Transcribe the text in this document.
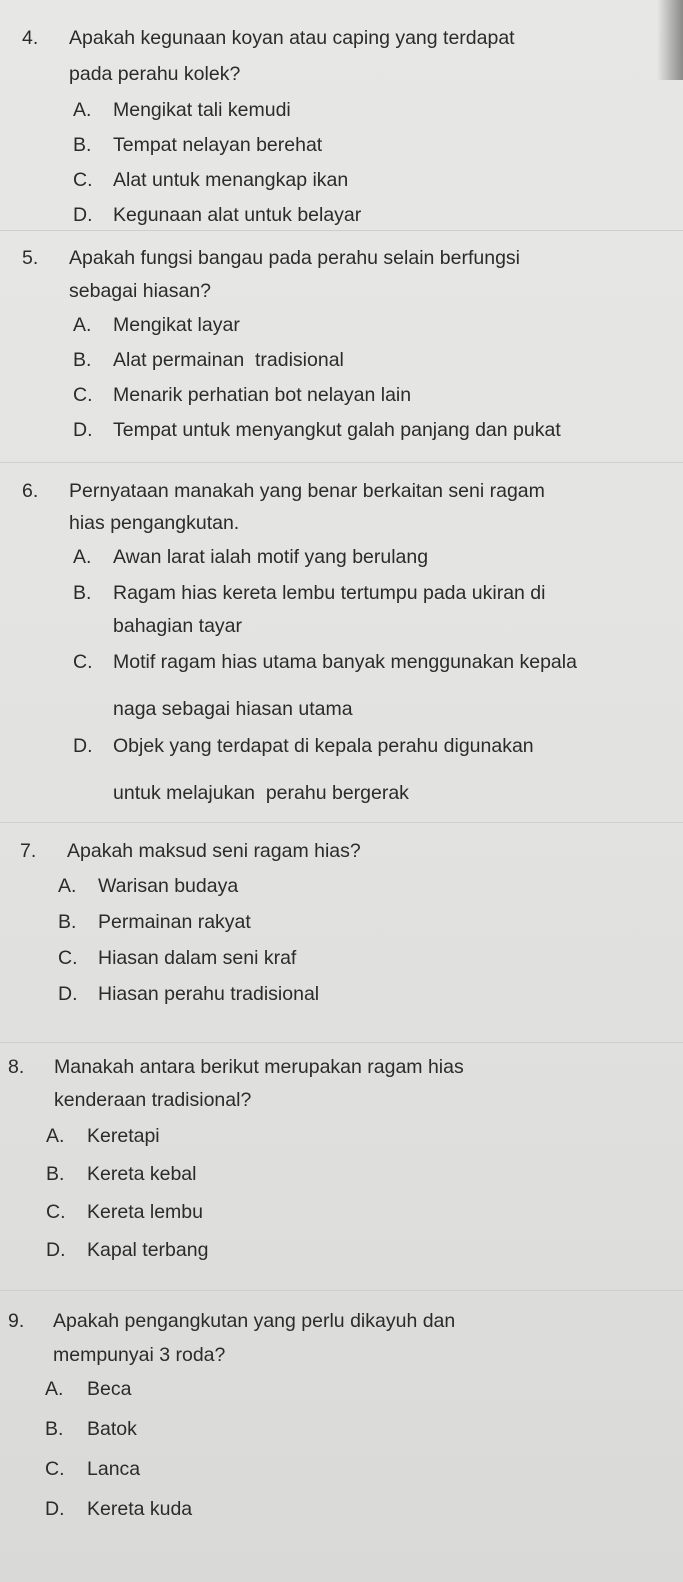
4. Apakah kegunaan koyan atau caping yang terdapat
pada perahu kolek?
A. Mengikat tali kemudi
B. Tempat nelayan berehat
C. Alat untuk menangkap ikan
D. Kegunaan alat untuk belayar
5. Apakah fungsi bangau pada perahu selain berfungsi
sebagai hiasan?
A. Mengikat layar
B. Alat permainan  tradisional
C. Menarik perhatian bot nelayan lain
D. Tempat untuk menyangkut galah panjang dan pukat
6. Pernyataan manakah yang benar berkaitan seni ragam
hias pengangkutan.
A. Awan larat ialah motif yang berulang
B. Ragam hias kereta lembu tertumpu pada ukiran di
bahagian tayar
C. Motif ragam hias utama banyak menggunakan kepala
naga sebagai hiasan utama
D. Objek yang terdapat di kepala perahu digunakan
untuk melajukan  perahu bergerak
7. Apakah maksud seni ragam hias?
A. Warisan budaya
B. Permainan rakyat
C. Hiasan dalam seni kraf
D. Hiasan perahu tradisional
8. Manakah antara berikut merupakan ragam hias
kenderaan tradisional?
A. Keretapi
B. Kereta kebal
C. Kereta lembu
D. Kapal terbang
9. Apakah pengangkutan yang perlu dikayuh dan
mempunyai 3 roda?
A. Beca
B. Batok
C. Lanca
D. Kereta kuda
